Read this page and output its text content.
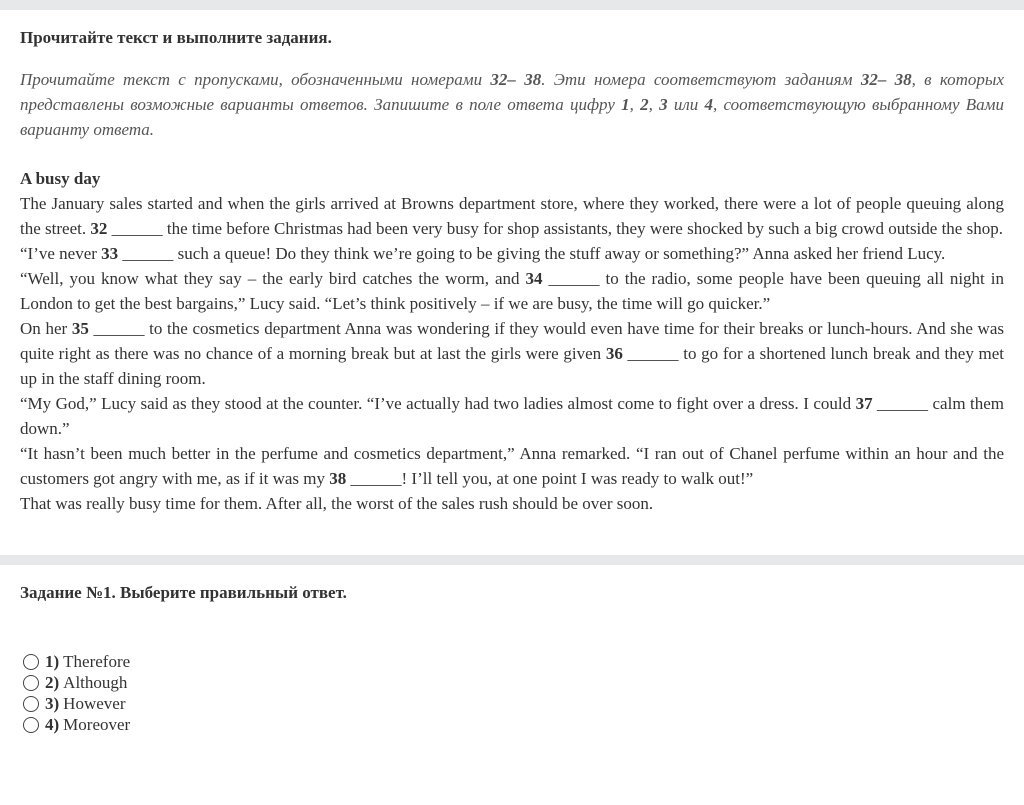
Прочитайте текст и выполните задания.
Прочитайте текст с пропусками, обозначенными номерами 32– 38. Эти номера соответствуют заданиям 32– 38, в которых представлены возможные варианты ответов. Запишите в поле ответа цифру 1, 2, 3 или 4, соответствующую выбранному Вами варианту ответа.
A busy day

The January sales started and when the girls arrived at Browns department store, where they worked, there were a lot of people queuing along the street. 32 ______ the time before Christmas had been very busy for shop assistants, they were shocked by such a big crowd outside the shop.

“I’ve never 33 ______ such a queue! Do they think we’re going to be giving the stuff away or something?” Anna asked her friend Lucy.

“Well, you know what they say – the early bird catches the worm, and 34 ______ to the radio, some people have been queuing all night in London to get the best bargains,” Lucy said. “Let’s think positively – if we are busy, the time will go quicker.”

On her 35 ______ to the cosmetics department Anna was wondering if they would even have time for their breaks or lunch-hours. And she was quite right as there was no chance of a morning break but at last the girls were given 36 ______ to go for a shortened lunch break and they met up in the staff dining room.

“My God,” Lucy said as they stood at the counter. “I’ve actually had two ladies almost come to fight over a dress. I could 37 ______ calm them down.”

“It hasn’t been much better in the perfume and cosmetics department,” Anna remarked. “I ran out of Chanel perfume within an hour and the customers got angry with me, as if it was my 38 ______! I’ll tell you, at one point I was ready to walk out!”

That was really busy time for them. After all, the worst of the sales rush should be over soon.

Задание №1. Выберите правильный ответ.
1) Therefore
2) Although
3) However
4) Moreover
